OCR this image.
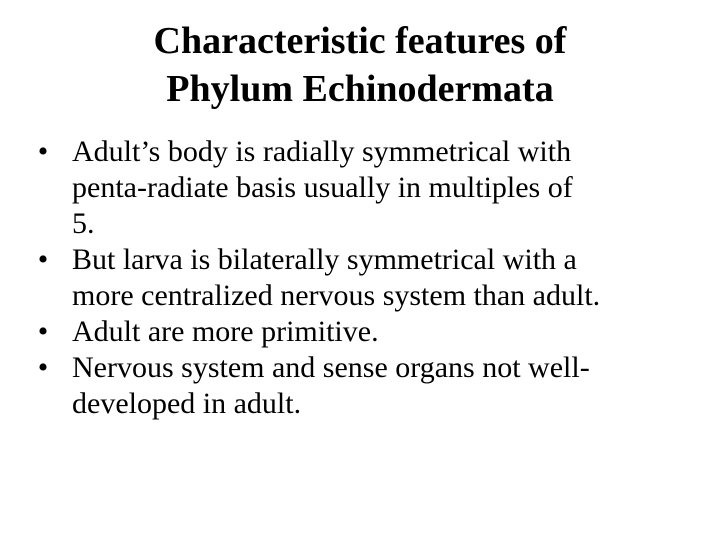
Characteristic features of
Phylum Echinodermata
• Adult’s body is radially symmetrical with
penta-radiate basis usually in multiples of
5.
• But larva is bilaterally symmetrical with a
more centralized nervous system than adult.
• Adult are more primitive.
• Nervous system and sense organs not well-
developed in adult.
